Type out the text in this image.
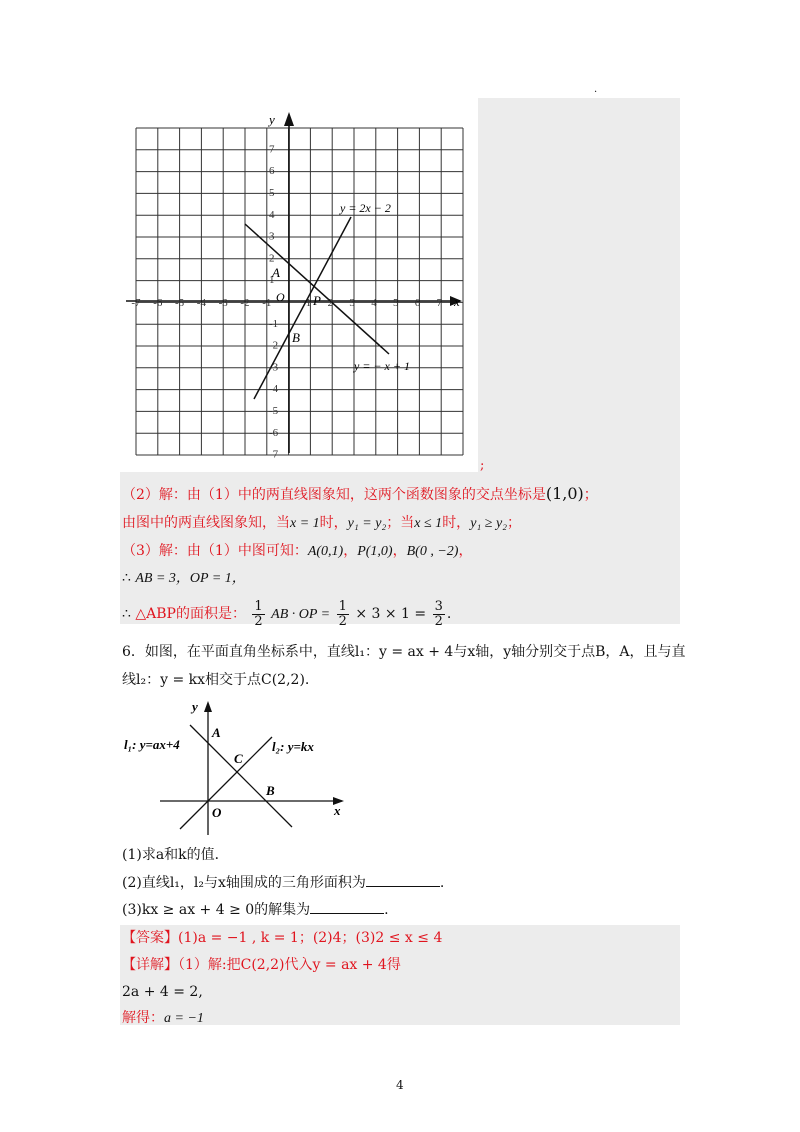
.
y
x
7
6
5
4
3
2
1
-1
-2
-3
-4
-5
-6
-7
-7 -6 -5 -4 -3 -2 -1	1 2 3 4 5 6 7
O
A
B
P
y = 2x − 2
y = − x + 1
;
（2）解：由（1）中的两直线图象知，这两个函数图象的交点坐标是(1,0)；
由图中的两直线图象知，当x = 1时，y₁ = y₂；当x ≤ 1时，y₁ ≥ y₂；
（3）解：由（1）中图可知：A(0,1)，P(1,0)，B(0 , −2)，
∴ AB = 3，OP = 1，
∴ △ABP的面积是： $\frac{1}{2}$ AB · OP = $\frac{1}{2} \times 3 \times 1 = \frac{3}{2}$ .
6．如图，在平面直角坐标系中，直线l₁：y = ax + 4与x轴，y轴分别交于点B，A，且与直
线l₂：y = kx相交于点C(2,2).
y
x
O
A
B
C
l₁: y=ax+4	l₂: y=kx
(1)求a和k的值．
(2)直线l₁，l₂与x轴围成的三角形面积为	.
(3)kx ≥ ax + 4 ≥ 0的解集为	.
【答案】(1)a = −1 , k = 1；(2)4；(3)2 ≤ x ≤ 4
【详解】（1）解:把C(2,2)代入y = ax + 4得
2a + 4 = 2,
解得：a = −1
4
